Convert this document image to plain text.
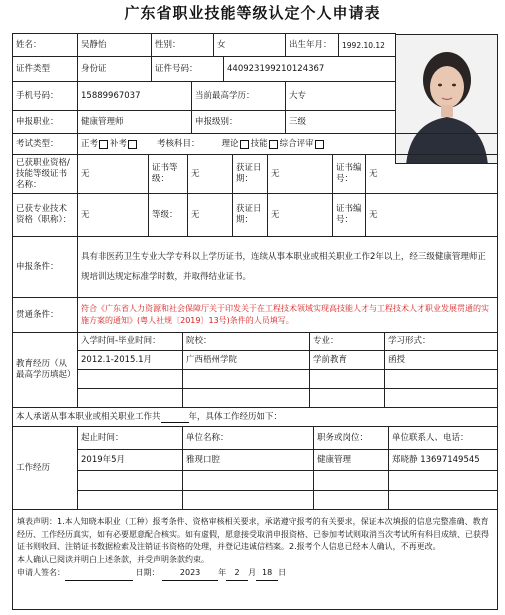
广东省职业技能等级认定个人申请表
姓名：	吴静怡	性别：	女	出生年月：	1992.10.12
证件类型	身份证	证件号码：	440923199210124367
手机号码：	15889967037	当前最高学历：	大专
申报职业：	健康管理师	申报级别：	三级
考试类型：	正考 补考	考核科目：	理论 技能 综合评审
已获职业资格/技能等级证书名称：
无
证书等级：
无
获证日期：
无
证书编号：
无
已获专业技术资格（职称）：
无	等级：	无
获证日期：
无
证书编号：
无
申报条件：
具有非医药卫生专业大学专科以上学历证书，连续从事本职业或相关职业工作2年以上，经三级健康管理师正规培训达规定标准学时数，并取得结业证书。
贯通条件：
符合《广东省人力资源和社会保障厅关于印发关于在工程技术领域实现高技能人才与工程技术人才职业发展贯通的实施方案的通知》(粤人社规〔2019〕13号)条件的人员填写。
教育经历（从最高学历填起）
入学时间-毕业时间：	院校：	专业：	学习形式：
2012.1-2015.1月	广西梧州学院	学前教育	函授
本人承诺从事本职业或相关职业工作共
	年，具体工作经历如下：
工作经历
起止时间：	单位名称：	职务或岗位：	单位联系人、电话：
2019年5月	雅现口腔	健康管理	郑晓静 13697149545
填表声明：1.本人知晓本职业（工种）报考条件、资格审核相关要求，承诺遵守报考的有关要求，保证本次填报的信息完整准确、教育经历、工作经历真实，如有必要愿意配合核实。如有虚假，愿意接受取消申报资格、已参加考试则取消当次考试所有科目成绩、已获得证书则收回、注销证书数据检索及注销证书资格的处理，并登记违诚信档案。2.报考个人信息已经本人确认，不再更改。
本人确认已阅读并明白上述条款，并受声明条款约束。
申请人签名：	日期：	2023 年 2 月 18 日
